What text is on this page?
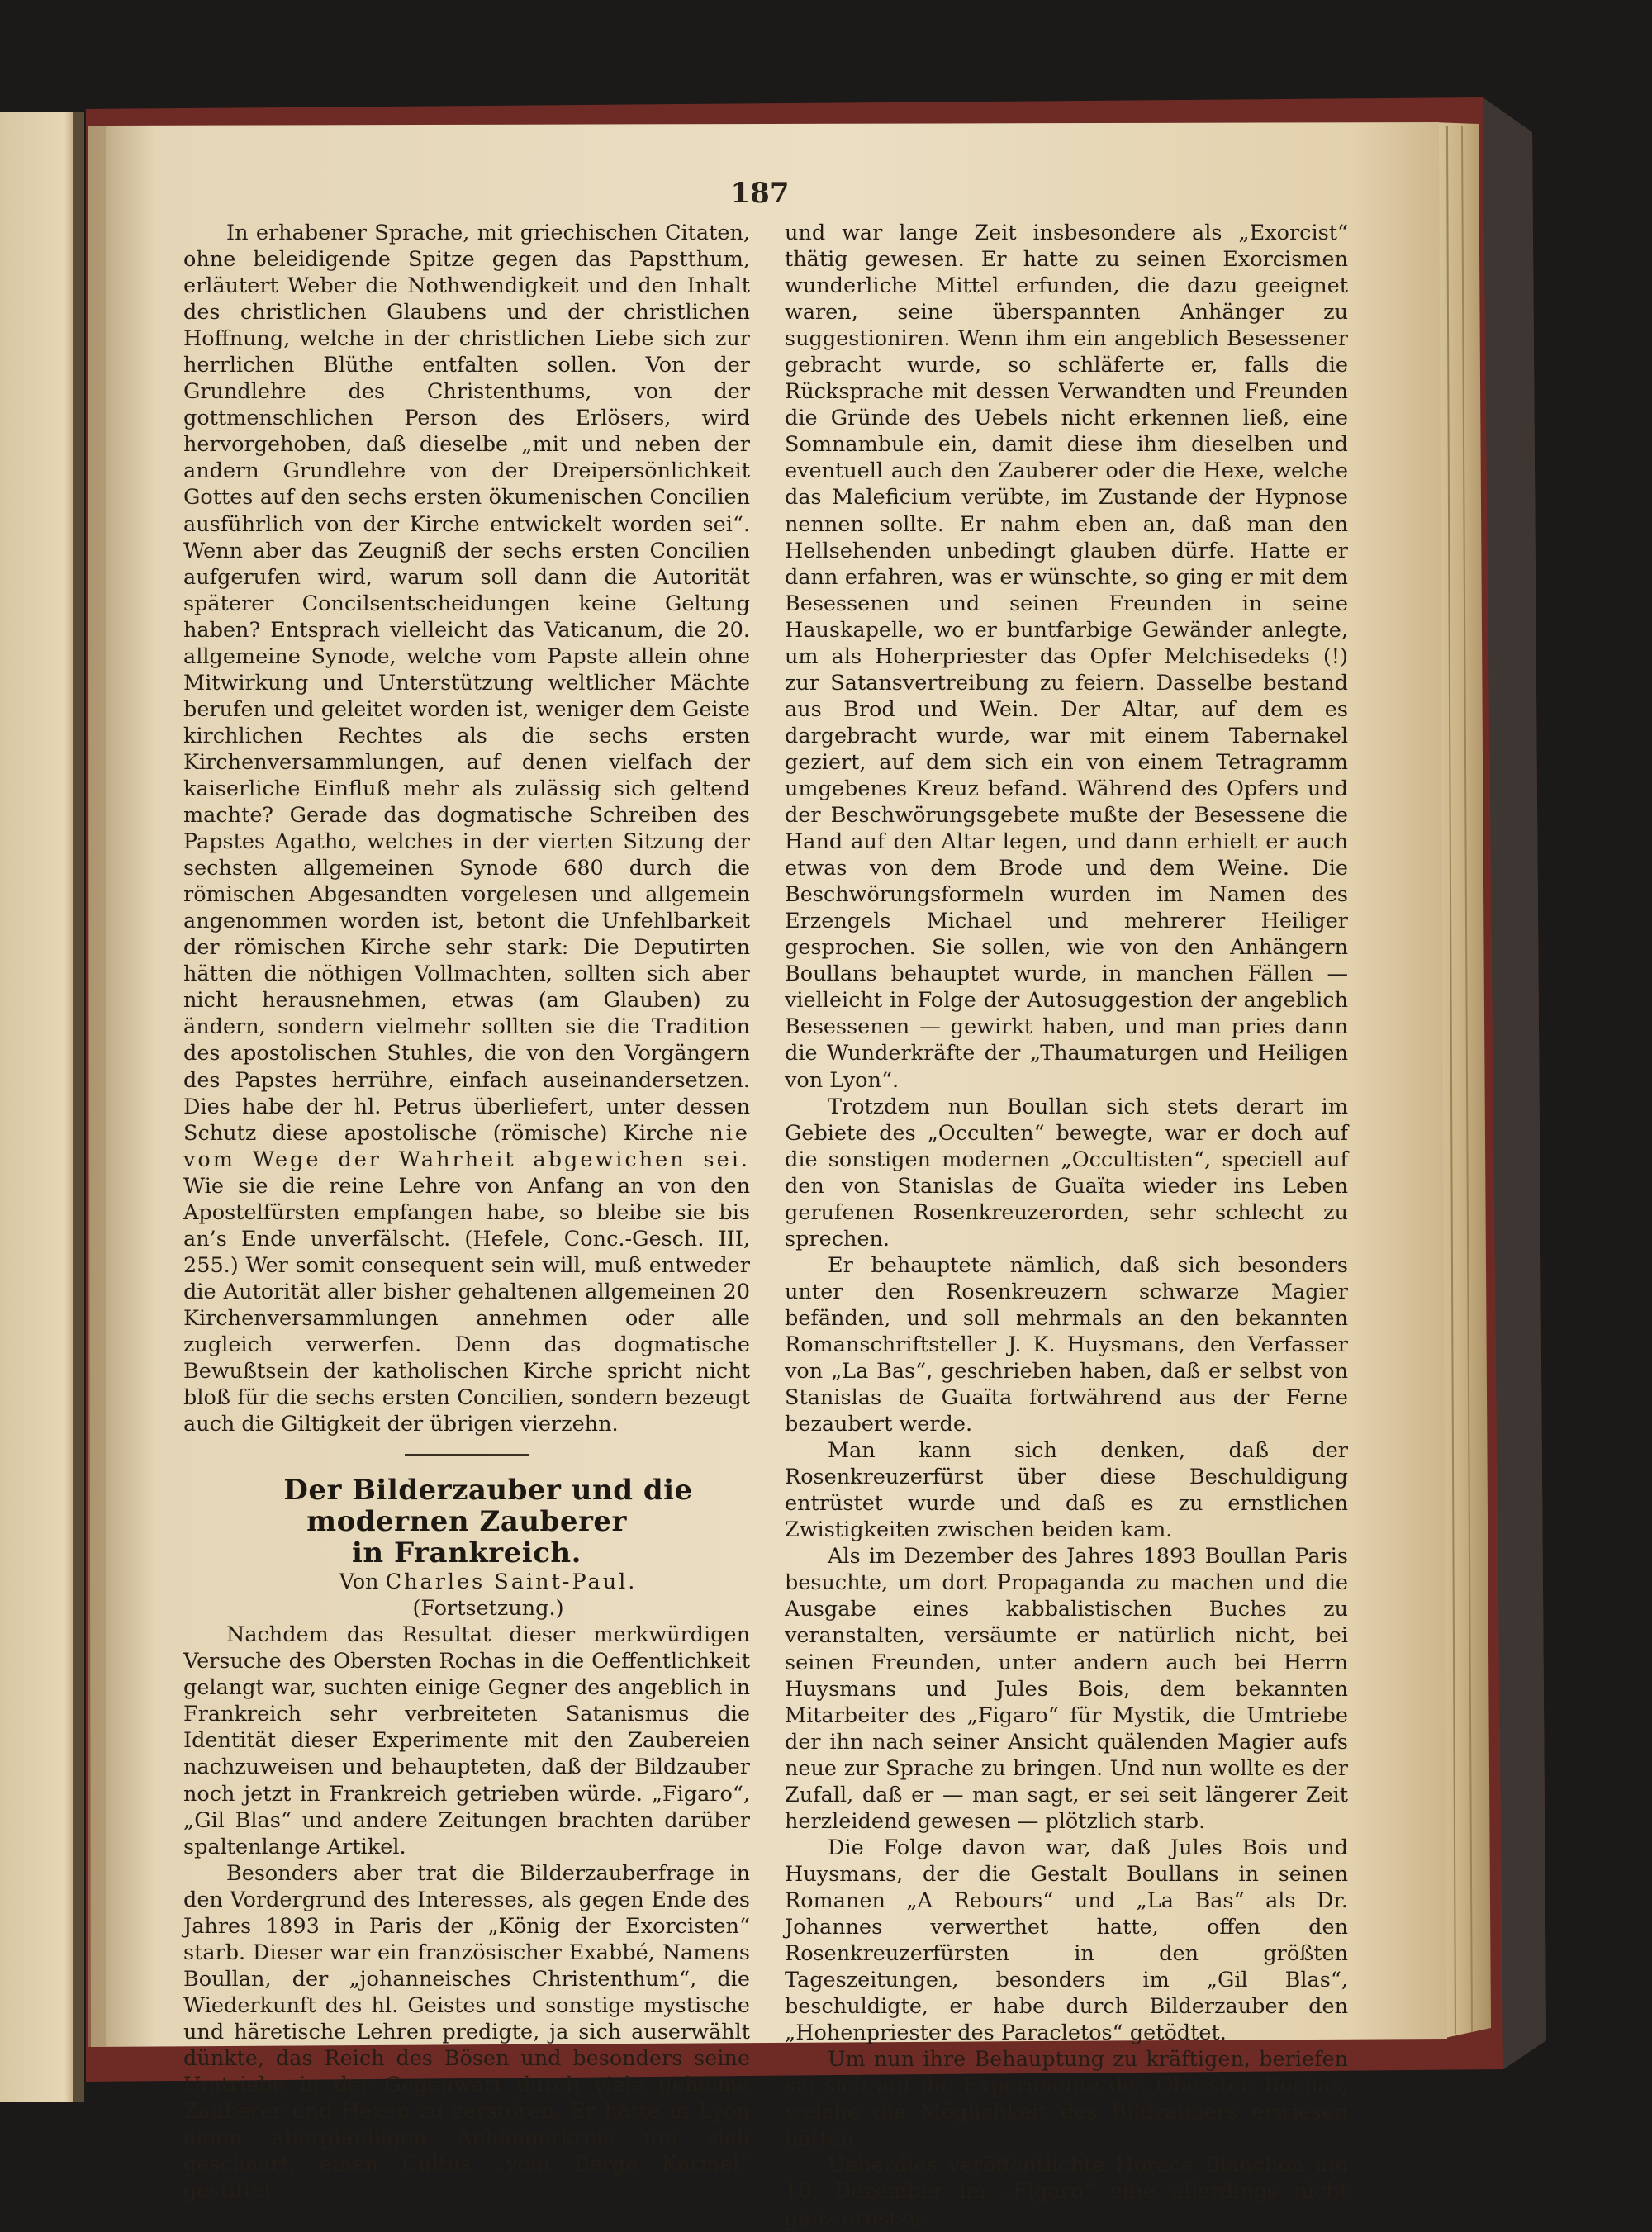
187

In erhabener Sprache, mit griechischen Citaten, ohne beleidigende Spitze gegen das Papstthum, erläutert Weber die Nothwendigkeit und den Inhalt des christlichen Glaubens und der christlichen Hoffnung, welche in der christlichen Liebe sich zur herrlichen Blüthe entfalten sollen. Von der Grundlehre des Christenthums, von der gottmenschlichen Person des Erlösers, wird hervorgehoben, daß dieselbe „mit und neben der andern Grundlehre von der Dreipersönlichkeit Gottes auf den sechs ersten ökumenischen Concilien ausführlich von der Kirche entwickelt worden sei“. Wenn aber das Zeugniß der sechs ersten Concilien aufgerufen wird, warum soll dann die Autorität späterer Concilsentscheidungen keine Geltung haben? Entsprach vielleicht das Vaticanum, die 20. allgemeine Synode, welche vom Papste allein ohne Mitwirkung und Unterstützung weltlicher Mächte berufen und geleitet worden ist, weniger dem Geiste kirchlichen Rechtes als die sechs ersten Kirchenversammlungen, auf denen vielfach der kaiserliche Einfluß mehr als zulässig sich geltend machte? Gerade das dogmatische Schreiben des Papstes Agatho, welches in der vierten Sitzung der sechsten allgemeinen Synode 680 durch die römischen Abgesandten vorgelesen und allgemein angenommen worden ist, betont die Unfehlbarkeit der römischen Kirche sehr stark: Die Deputirten hätten die nöthigen Vollmachten, sollten sich aber nicht herausnehmen, etwas (am Glauben) zu ändern, sondern vielmehr sollten sie die Tradition des apostolischen Stuhles, die von den Vorgängern des Papstes herrühre, einfach auseinandersetzen. Dies habe der hl. Petrus überliefert, unter dessen Schutz diese apostolische (römische) Kirche nie vom Wege der Wahrheit abgewichen sei. Wie sie die reine Lehre von Anfang an von den Apostelfürsten empfangen habe, so bleibe sie bis an’s Ende unverfälscht. (Hefele, Conc.-Gesch. III, 255.) Wer somit consequent sein will, muß entweder die Autorität aller bisher gehaltenen allgemeinen 20 Kirchenversammlungen annehmen oder alle zugleich verwerfen. Denn das dogmatische Bewußtsein der katholischen Kirche spricht nicht bloß für die sechs ersten Concilien, sondern bezeugt auch die Giltigkeit der übrigen vierzehn.

Der Bilderzauber und die modernen Zauberer
in Frankreich.

Von Charles Saint-Paul.

(Fortsetzung.)

Nachdem das Resultat dieser merkwürdigen Versuche des Obersten Rochas in die Oeffentlichkeit gelangt war, suchten einige Gegner des angeblich in Frankreich sehr verbreiteten Satanismus die Identität dieser Experimente mit den Zaubereien nachzuweisen und behaupteten, daß der Bildzauber noch jetzt in Frankreich getrieben würde. „Figaro“, „Gil Blas“ und andere Zeitungen brachten darüber spaltenlange Artikel.

Besonders aber trat die Bilderzauberfrage in den Vordergrund des Interesses, als gegen Ende des Jahres 1893 in Paris der „König der Exorcisten“ starb. Dieser war ein französischer Exabbé, Namens Boullan, der „johanneisches Christenthum“, die Wiederkunft des hl. Geistes und sonstige mystische und häretische Lehren predigte, ja sich auserwählt dünkte, das Reich des Bösen und besonders seine Umtriebe in der Gegenwart durch viele geheime Zauberer und Hexen zu zerstören. Er hatte in Lyon einen abergläubigen Anhängerkreis um sich geschaart, einen Cultus „vom Berge Karmel“ gestiftet

und war lange Zeit insbesondere als „Exorcist“ thätig gewesen. Er hatte zu seinen Exorcismen wunderliche Mittel erfunden, die dazu geeignet waren, seine überspannten Anhänger zu suggestioniren. Wenn ihm ein angeblich Besessener gebracht wurde, so schläferte er, falls die Rücksprache mit dessen Verwandten und Freunden die Gründe des Uebels nicht erkennen ließ, eine Somnambule ein, damit diese ihm dieselben und eventuell auch den Zauberer oder die Hexe, welche das Maleficium verübte, im Zustande der Hypnose nennen sollte. Er nahm eben an, daß man den Hellsehenden unbedingt glauben dürfe. Hatte er dann erfahren, was er wünschte, so ging er mit dem Besessenen und seinen Freunden in seine Hauskapelle, wo er buntfarbige Gewänder anlegte, um als Hoherpriester das Opfer Melchisedeks (!) zur Satansvertreibung zu feiern. Dasselbe bestand aus Brod und Wein. Der Altar, auf dem es dargebracht wurde, war mit einem Tabernakel geziert, auf dem sich ein von einem Tetragramm umgebenes Kreuz befand. Während des Opfers und der Beschwörungsgebete mußte der Besessene die Hand auf den Altar legen, und dann erhielt er auch etwas von dem Brode und dem Weine. Die Beschwörungsformeln wurden im Namen des Erzengels Michael und mehrerer Heiliger gesprochen. Sie sollen, wie von den Anhängern Boullans behauptet wurde, in manchen Fällen — vielleicht in Folge der Autosuggestion der angeblich Besessenen — gewirkt haben, und man pries dann die Wunderkräfte der „Thaumaturgen und Heiligen von Lyon“.

Trotzdem nun Boullan sich stets derart im Gebiete des „Occulten“ bewegte, war er doch auf die sonstigen modernen „Occultisten“, speciell auf den von Stanislas de Guaïta wieder ins Leben gerufenen Rosenkreuzerorden, sehr schlecht zu sprechen.

Er behauptete nämlich, daß sich besonders unter den Rosenkreuzern schwarze Magier befänden, und soll mehrmals an den bekannten Romanschriftsteller J. K. Huysmans, den Verfasser von „La Bas“, geschrieben haben, daß er selbst von Stanislas de Guaïta fortwährend aus der Ferne bezaubert werde.

Man kann sich denken, daß der Rosenkreuzerfürst über diese Beschuldigung entrüstet wurde und daß es zu ernstlichen Zwistigkeiten zwischen beiden kam.

Als im Dezember des Jahres 1893 Boullan Paris besuchte, um dort Propaganda zu machen und die Ausgabe eines kabbalistischen Buches zu veranstalten, versäumte er natürlich nicht, bei seinen Freunden, unter andern auch bei Herrn Huysmans und Jules Bois, dem bekannten Mitarbeiter des „Figaro“ für Mystik, die Umtriebe der ihn nach seiner Ansicht quälenden Magier aufs neue zur Sprache zu bringen. Und nun wollte es der Zufall, daß er — man sagt, er sei seit längerer Zeit herzleidend gewesen — plötzlich starb.

Die Folge davon war, daß Jules Bois und Huysmans, der die Gestalt Boullans in seinen Romanen „A Rebours“ und „La Bas“ als Dr. Johannes verwerthet hatte, offen den Rosenkreuzerfürsten in den größten Tageszeitungen, besonders im „Gil Blas“, beschuldigte, er habe durch Bilderzauber den „Hohenpriester des Paracletos“ getödtet.

Um nun ihre Behauptung zu kräftigen, beriefen sie sich auf die Experimente des Obersten Rochas, welche die Möglichkeit des Bildzaubers erwiesen hätten.

Ueberdies veröffentlichte Horace Bianchon am 10. Dezember im „Figaro“ eine allerdings nicht ganz ernstzu-
